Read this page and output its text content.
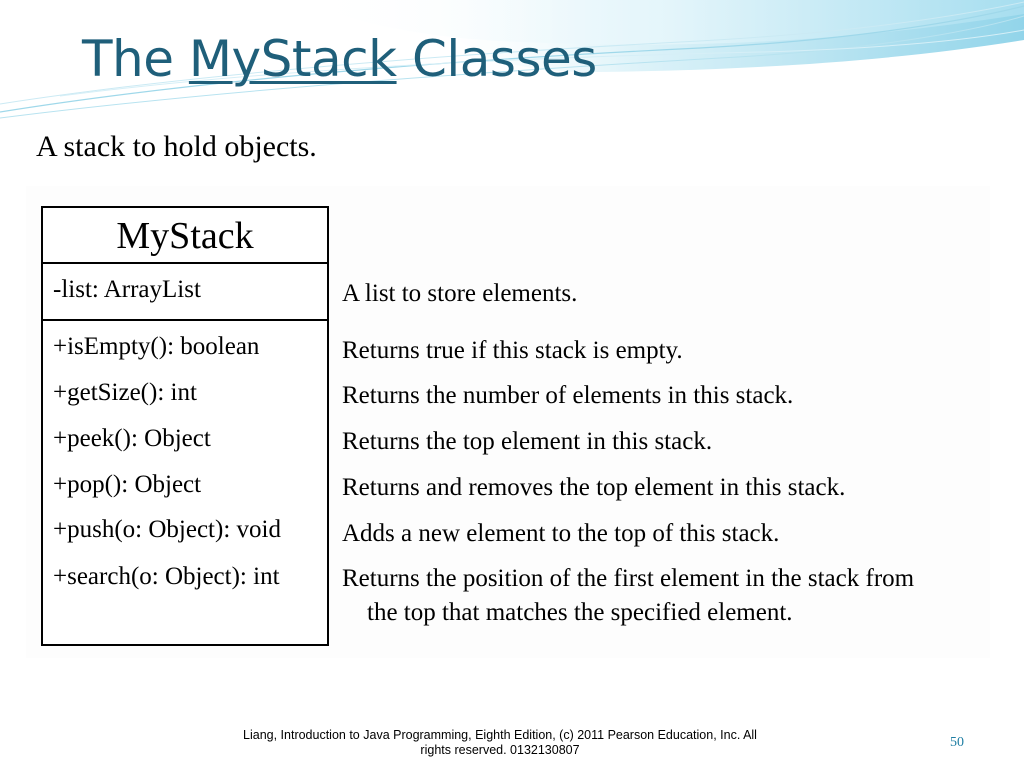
The MyStack Classes
A stack to hold objects.
MyStack
-list: ArrayList
+isEmpty(): boolean
+getSize(): int
+peek(): Object
+pop(): Object
+push(o: Object): void
+search(o: Object): int
A list to store elements.
Returns true if this stack is empty.
Returns the number of elements in this stack.
Returns the top element in this stack.
Returns and removes the top element in this stack.
Adds a new element to the top of this stack.
Returns the position of the first element in the stack from
the top that matches the specified element.
Liang, Introduction to Java Programming, Eighth Edition, (c) 2011 Pearson Education, Inc. All
rights reserved. 0132130807	50
